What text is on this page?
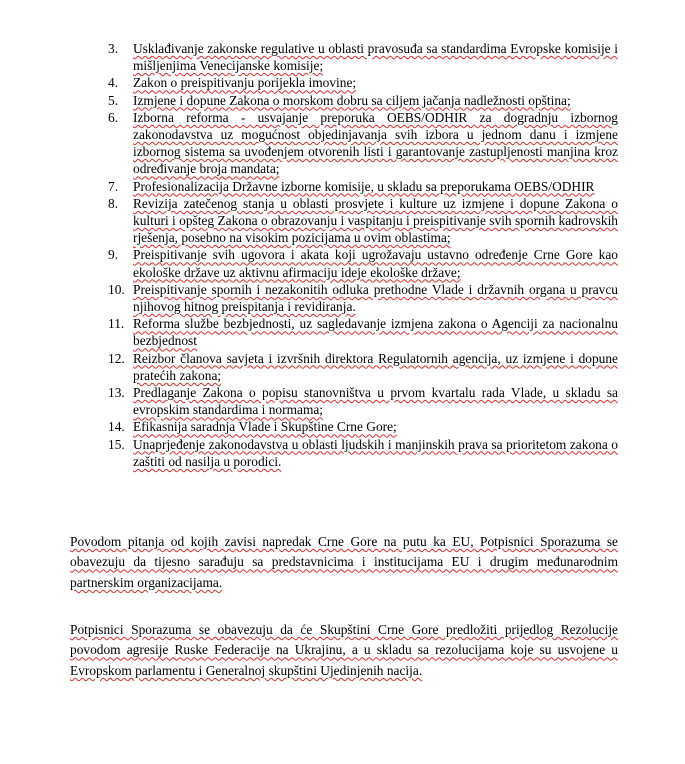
3.	Usklađivanje zakonske regulative u oblasti pravosuđa sa standardima Evropske komisije i mišljenjima Venecijanske komisije;
4.	Zakon o preispitivanju porijekla imovine;
5.	Izmjene i dopune Zakona o morskom dobru sa ciljem jačanja nadležnosti opština;
6.	Izborna reforma - usvajanje preporuka OEBS/ODHIR za dogradnju izbornog zakonodavstva uz mogućnost objedinjavanja svih izbora u jednom danu i izmjene izbornog sistema sa uvođenjem otvorenih listi i garantovanje zastupljenosti manjina kroz određivanje broja mandata;
7.	Profesionalizacija Državne izborne komisije, u skladu sa preporukama OEBS/ODHIR
8.	Revizija zatečenog stanja u oblasti prosvjete i kulture uz izmjene i dopune Zakona o kulturi i opšteg Zakona o obrazovanju i vaspitanju i preispitivanje svih spornih kadrovskih rješenja, posebno na visokim pozicijama u ovim oblastima;
9.	Preispitivanje svih ugovora i akata koji ugrožavaju ustavno određenje Crne Gore kao ekološke države uz aktivnu afirmaciju ideje ekološke države;
10. Preispitivanje spornih i nezakonitih odluka prethodne Vlade i državnih organa u pravcu njihovog hitnog preispitanja i revidiranja.
11. Reforma službe bezbjednosti, uz sagledavanje izmjena zakona o Agenciji za nacionalnu bezbjednost
12. Reizbor članova savjeta i izvršnih direktora Regulatornih agencija, uz izmjene i dopune pratećih zakona;
13. Predlaganje Zakona o popisu stanovništva u prvom kvartalu rada Vlade, u skladu sa evropskim standardima i normama;
14. Efikasnija saradnja Vlade i Skupštine Crne Gore;
15. Unaprjeđenje zakonodavstva u oblasti ljudskih i manjinskih prava sa prioritetom zakona o zaštiti od nasilja u porodici.

Povodom pitanja od kojih zavisi napredak Crne Gore na putu ka EU, Potpisnici Sporazuma se obavezuju da tijesno sarađuju sa predstavnicima i institucijama EU i drugim međunarodnim partnerskim organizacijama.

Potpisnici Sporazuma se obavezuju da će Skupštini Crne Gore predložiti prijedlog Rezolucije povodom agresije Ruske Federacije na Ukrajinu, a u skladu sa rezolucijama koje su usvojene u Evropskom parlamentu i Generalnoj skupštini Ujedinjenih nacija.
